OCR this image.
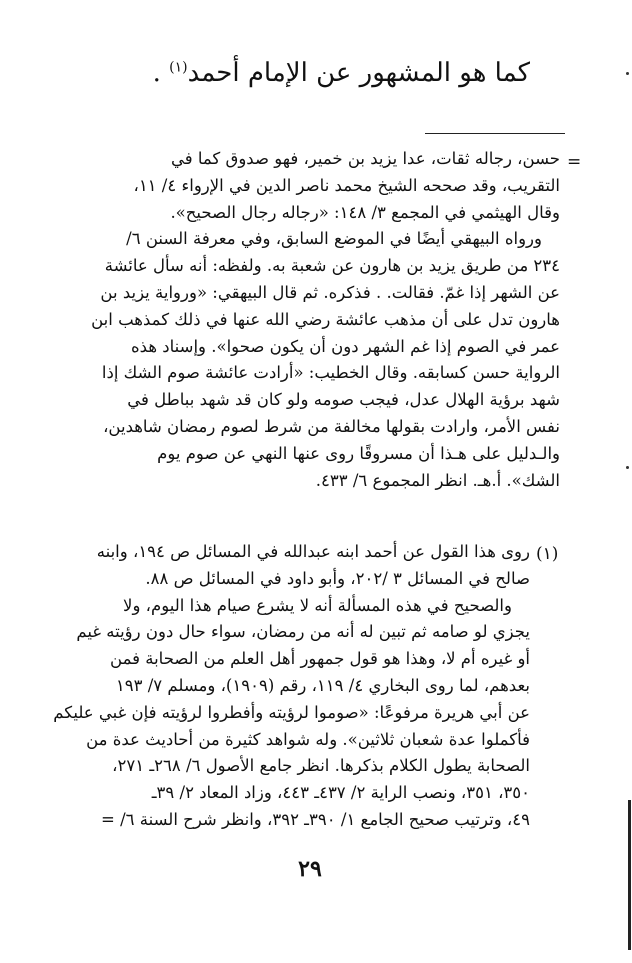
كما هو المشهور عن الإمام أحمد$^{(١)}$ .
=
حسن، رجاله ثقات، عدا يزيد بن خمير، فهو صدوق كما في
التقريب، وقد صححه الشيخ محمد ناصر الدين في الإرواء ٤/ ١١،
وقال الهيثمي في المجمع ٣/ ١٤٨: «رجاله رجال الصحيح».
ورواه البيهقي أيضًا في الموضع السابق، وفي معرفة السنن ٦/
٢٣٤ من طريق يزيد بن هارون عن شعبة به. ولفظه: أنه سأل عائشة
عن الشهر إذا غمّ. فقالت. . فذكره. ثم قال البيهقي: «ورواية يزيد بن
هارون تدل على أن مذهب عائشة رضي الله عنها في ذلك كمذهب ابن
عمر في الصوم إذا غم الشهر دون أن يكون صحوا». وإسناد هذه
الرواية حسن كسابقه. وقال الخطيب: «أرادت عائشة صوم الشك إذا
شهد برؤية الهلال عدل، فيجب صومه ولو كان قد شهد بباطل في
نفس الأمر، وارادت بقولها مخالفة من شرط لصوم رمضان شاهدين،
والـدليل على هـذا أن مسروقًا روى عنها النهي عن صوم يوم
الشك». أ.هـ. انظر المجموع ٦/ ٤٣٣.
(١)
روى هذا القول عن أحمد ابنه عبدالله في المسائل ص ١٩٤، وابنه
صالح في المسائل ٣ /٢٠٢، وأبو داود في المسائل ص ٨٨.
والصحيح في هذه المسألة أنه لا يشرع صيام هذا اليوم، ولا
يجزي لو صامه ثم تبين له أنه من رمضان، سواء حال دون رؤيته غيم
أو غيره أم لا، وهذا هو قول جمهور أهل العلم من الصحابة فمن
بعدهم، لما روى البخاري ٤/ ١١٩، رقم (١٩٠٩)، ومسلم ٧/ ١٩٣
عن أبي هريرة مرفوعًا: «صوموا لرؤيته وأفطروا لرؤيته فإن غبي عليكم
فأكملوا عدة شعبان ثلاثين». وله شواهد كثيرة من أحاديث عدة من
الصحابة يطول الكلام بذكرها. انظر جامع الأصول ٦/ ٢٦٨ـ ٢٧١،
٣٥٠، ٣٥١، ونصب الراية ٢/ ٤٣٧ـ ٤٤٣، وزاد المعاد ٢/ ٣٩ـ
٤٩، وترتيب صحيح الجامع ١/ ٣٩٠ـ ٣٩٢، وانظر شرح السنة ٦/ =
٢٩
